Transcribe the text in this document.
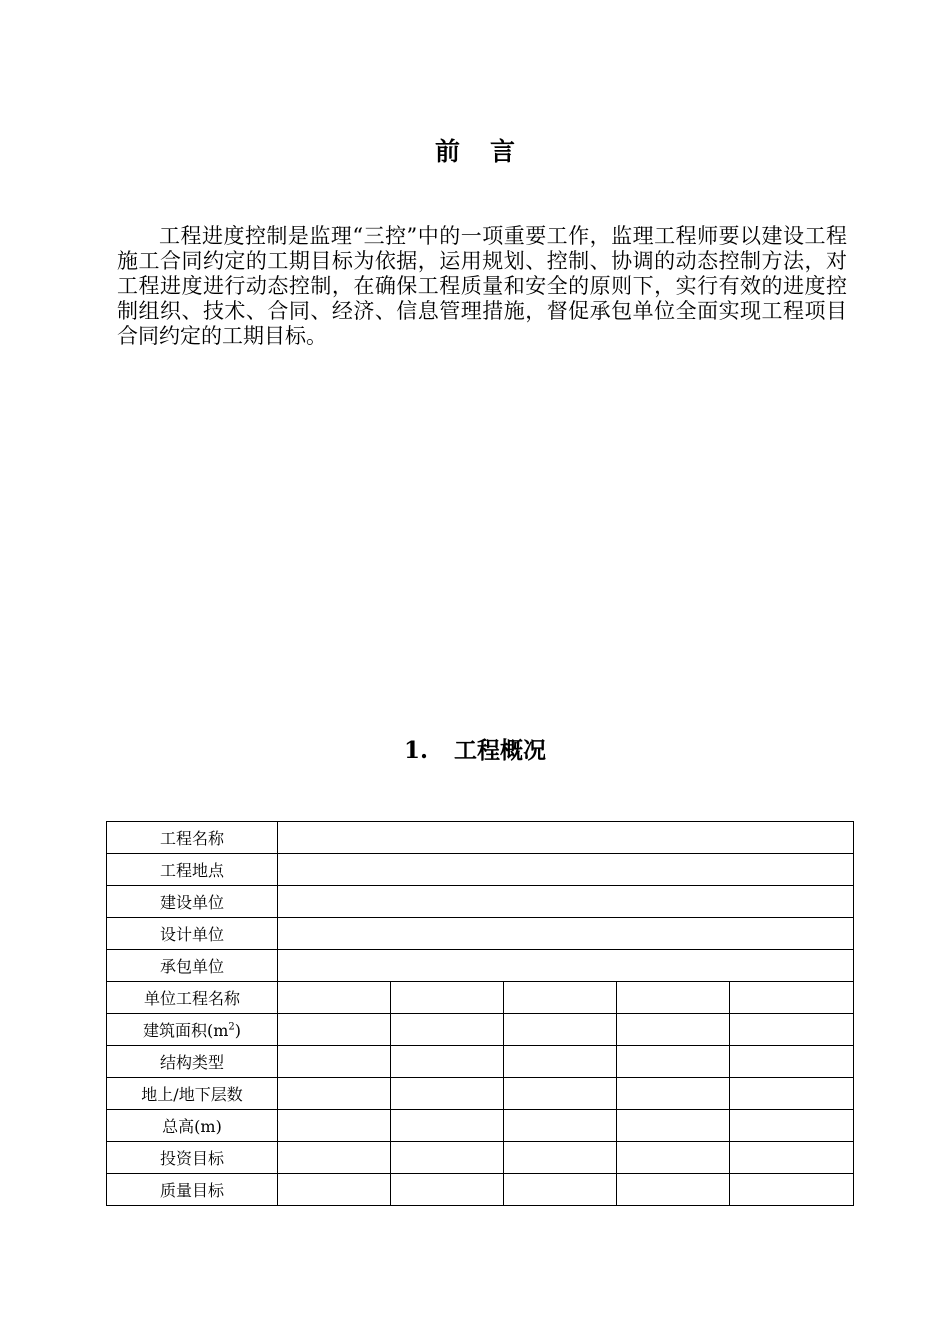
前言
工程进度控制是监理“三控”中的一项重要工作，监理工程师要以建设工程施工合同约定的工期目标为依据，运用规划、控制、协调的动态控制方法，对工程进度进行动态控制，在确保工程质量和安全的原则下，实行有效的进度控制组织、技术、合同、经济、信息管理措施，督促承包单位全面实现工程项目合同约定的工期目标。
1. 工程概况
工程名称					
工程地点					
建设单位					
设计单位					
承包单位					
单位工程名称					
建筑面积$(m^2)$					
结构类型					
地上/地下层数					
总高(m)					
投资目标					
质量目标					
